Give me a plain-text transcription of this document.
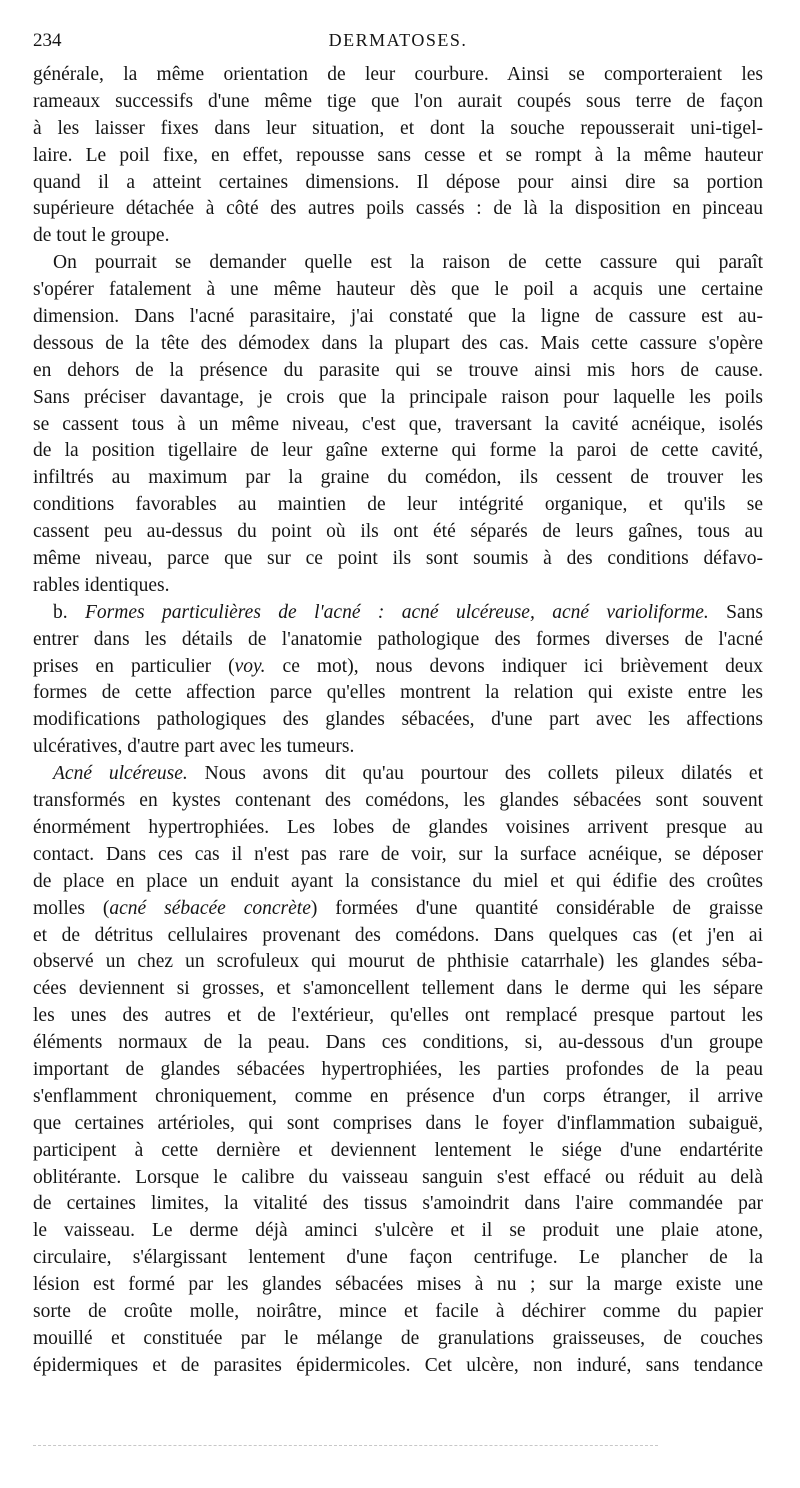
234	DERMATOSES.
générale, la même orientation de leur courbure. Ainsi se comporteraient les
rameaux successifs d'une même tige que l'on aurait coupés sous terre de façon
à les laisser fixes dans leur situation, et dont la souche repousserait uni-tigel-
laire. Le poil fixe, en effet, repousse sans cesse et se rompt à la même hauteur
quand il a atteint certaines dimensions. Il dépose pour ainsi dire sa portion
supérieure détachée à côté des autres poils cassés : de là la disposition en pinceau
de tout le groupe.
On pourrait se demander quelle est la raison de cette cassure qui paraît
s'opérer fatalement à une même hauteur dès que le poil a acquis une certaine
dimension. Dans l'acné parasitaire, j'ai constaté que la ligne de cassure est au-
dessous de la tête des démodex dans la plupart des cas. Mais cette cassure s'opère
en dehors de la présence du parasite qui se trouve ainsi mis hors de cause.
Sans préciser davantage, je crois que la principale raison pour laquelle les poils
se cassent tous à un même niveau, c'est que, traversant la cavité acnéique, isolés
de la position tigellaire de leur gaîne externe qui forme la paroi de cette cavité,
infiltrés au maximum par la graine du comédon, ils cessent de trouver les
conditions favorables au maintien de leur intégrité organique, et qu'ils se
cassent peu au-dessus du point où ils ont été séparés de leurs gaînes, tous au
même niveau, parce que sur ce point ils sont soumis à des conditions défavo-
rables identiques.
b. Formes particulières de l'acné : acné ulcéreuse, acné varioliforme. Sans
entrer dans les détails de l'anatomie pathologique des formes diverses de l'acné
prises en particulier (voy. ce mot), nous devons indiquer ici brièvement deux
formes de cette affection parce qu'elles montrent la relation qui existe entre les
modifications pathologiques des glandes sébacées, d'une part avec les affections
ulcératives, d'autre part avec les tumeurs.
Acné ulcéreuse. Nous avons dit qu'au pourtour des collets pileux dilatés et
transformés en kystes contenant des comédons, les glandes sébacées sont souvent
énormément hypertrophiées. Les lobes de glandes voisines arrivent presque au
contact. Dans ces cas il n'est pas rare de voir, sur la surface acnéique, se déposer
de place en place un enduit ayant la consistance du miel et qui édifie des croûtes
molles (acné sébacée concrète) formées d'une quantité considérable de graisse
et de détritus cellulaires provenant des comédons. Dans quelques cas (et j'en ai
observé un chez un scrofuleux qui mourut de phthisie catarrhale) les glandes séba-
cées deviennent si grosses, et s'amoncellent tellement dans le derme qui les sépare
les unes des autres et de l'extérieur, qu'elles ont remplacé presque partout les
éléments normaux de la peau. Dans ces conditions, si, au-dessous d'un groupe
important de glandes sébacées hypertrophiées, les parties profondes de la peau
s'enflamment chroniquement, comme en présence d'un corps étranger, il arrive
que certaines artérioles, qui sont comprises dans le foyer d'inflammation subaiguë,
participent à cette dernière et deviennent lentement le siége d'une endartérite
oblitérante. Lorsque le calibre du vaisseau sanguin s'est effacé ou réduit au delà
de certaines limites, la vitalité des tissus s'amoindrit dans l'aire commandée par
le vaisseau. Le derme déjà aminci s'ulcère et il se produit une plaie atone,
circulaire, s'élargissant lentement d'une façon centrifuge. Le plancher de la
lésion est formé par les glandes sébacées mises à nu ; sur la marge existe une
sorte de croûte molle, noirâtre, mince et facile à déchirer comme du papier
mouillé et constituée par le mélange de granulations graisseuses, de couches
épidermiques et de parasites épidermicoles. Cet ulcère, non induré, sans tendance
